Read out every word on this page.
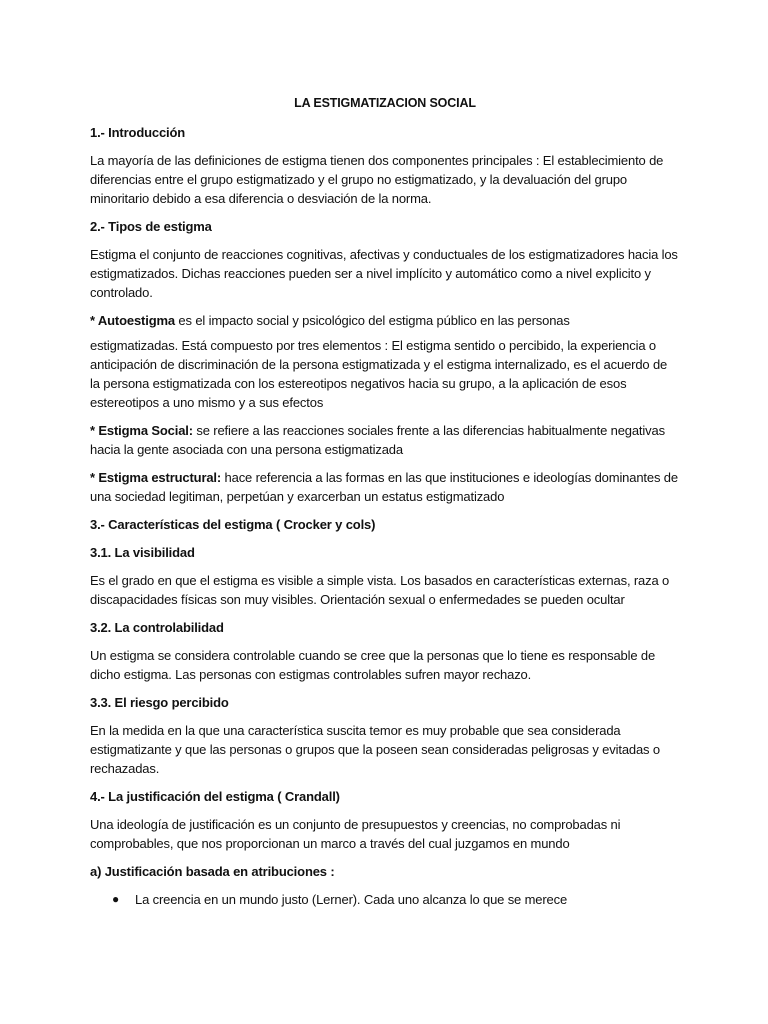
LA ESTIGMATIZACION SOCIAL
1.- Introducción
La mayoría de las definiciones de estigma tienen dos componentes principales : El establecimiento de diferencias entre el grupo estigmatizado y el grupo no estigmatizado, y la devaluación del grupo minoritario debido a esa diferencia o desviación de la norma.
2.- Tipos de estigma
Estigma el conjunto de reacciones cognitivas, afectivas y conductuales de los estigmatizadores hacia los estigmatizados. Dichas reacciones pueden ser a nivel implícito y automático como a nivel explicito y controlado.
* Autoestigma es el impacto social y psicológico del estigma público en las personas
estigmatizadas. Está compuesto por tres elementos : El estigma sentido o percibido, la experiencia o anticipación de discriminación de la persona estigmatizada y el estigma internalizado, es el acuerdo de la persona estigmatizada con los estereotipos negativos hacia su grupo, a la aplicación de esos estereotipos a uno mismo y a sus efectos
* Estigma Social: se refiere a las reacciones sociales frente a las diferencias habitualmente negativas hacia la gente asociada con una persona estigmatizada
* Estigma estructural: hace referencia a las formas en las que instituciones e ideologías dominantes de una sociedad legitiman, perpetúan y exarcerban un estatus estigmatizado
3.- Características del estigma ( Crocker y cols)
3.1. La visibilidad
Es el grado en que el estigma es visible a simple vista. Los basados en características externas, raza o discapacidades físicas son muy visibles. Orientación sexual o enfermedades se pueden ocultar
3.2. La controlabilidad
Un estigma se considera controlable cuando se cree que la personas que lo tiene es responsable de dicho estigma. Las personas con estigmas controlables sufren mayor rechazo.
3.3. El riesgo percibido
En la medida en la que una característica suscita temor es muy probable que sea considerada estigmatizante y que las personas o grupos que la poseen sean consideradas peligrosas y evitadas o rechazadas.
4.- La justificación del estigma ( Crandall)
Una ideología de justificación es un conjunto de presupuestos y creencias, no comprobadas ni comprobables, que nos proporcionan un marco a través del cual juzgamos en mundo
a) Justificación basada en atribuciones :
● La creencia en un mundo justo (Lerner). Cada uno alcanza lo que se merece
